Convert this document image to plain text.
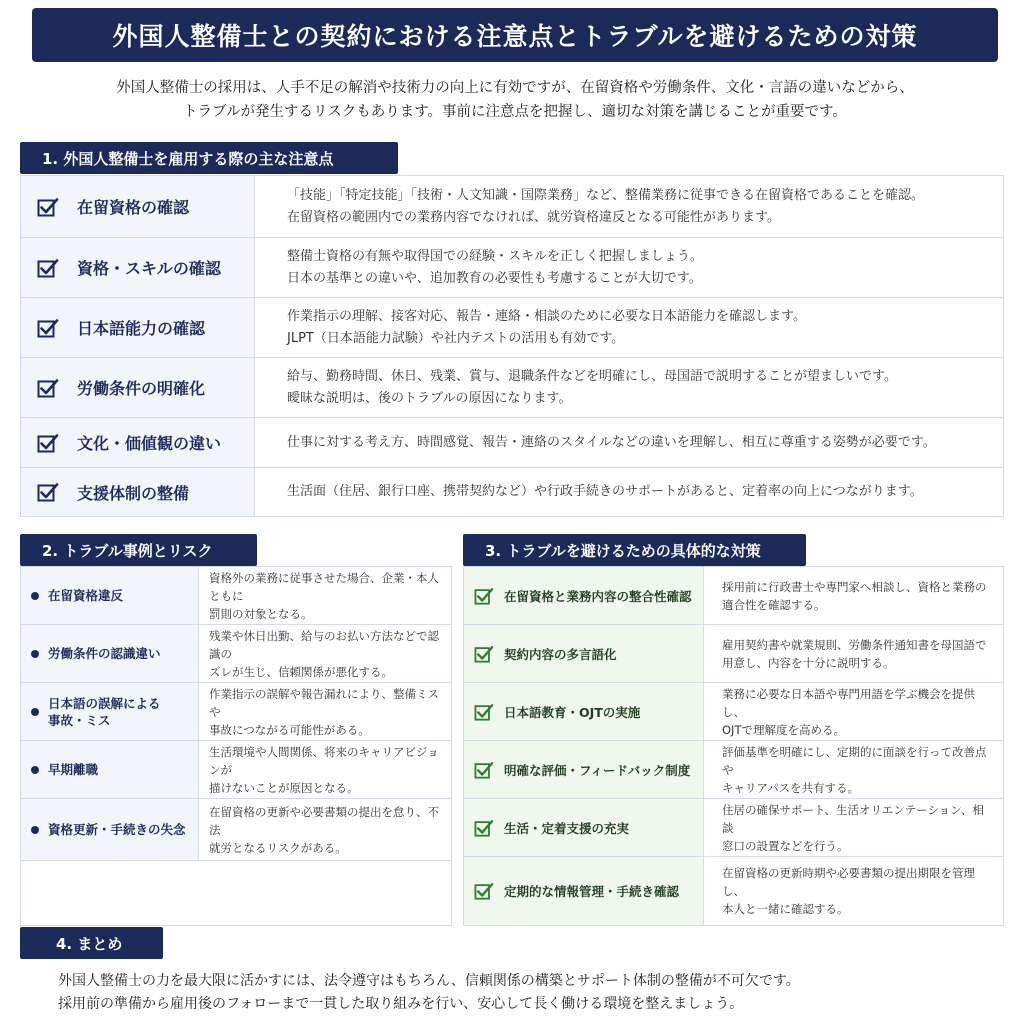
外国人整備士との契約における注意点とトラブルを避けるための対策
外国人整備士の採用は、人手不足の解消や技術力の向上に有効ですが、在留資格や労働条件、文化・言語の違いなどから、
トラブルが発生するリスクもあります。事前に注意点を把握し、適切な対策を講じることが重要です。
1. 外国人整備士を雇用する際の主な注意点
在留資格の確認
「技能」「特定技能」「技術・人文知識・国際業務」など、整備業務に従事できる在留資格であることを確認。
在留資格の範囲内での業務内容でなければ、就労資格違反となる可能性があります。
資格・スキルの確認
整備士資格の有無や取得国での経験・スキルを正しく把握しましょう。
日本の基準との違いや、追加教育の必要性も考慮することが大切です。
日本語能力の確認
作業指示の理解、接客対応、報告・連絡・相談のために必要な日本語能力を確認します。
JLPT（日本語能力試験）や社内テストの活用も有効です。
労働条件の明確化
給与、勤務時間、休日、残業、賞与、退職条件などを明確にし、母国語で説明することが望ましいです。
曖昧な説明は、後のトラブルの原因になります。
文化・価値観の違い	仕事に対する考え方、時間感覚、報告・連絡のスタイルなどの違いを理解し、相互に尊重する姿勢が必要です。
支援体制の整備	生活面（住居、銀行口座、携帯契約など）や行政手続きのサポートがあると、定着率の向上につながります。
2. トラブル事例とリスク
在留資格違反
資格外の業務に従事させた場合、企業・本人ともに
罰則の対象となる。
労働条件の認識違い
残業や休日出勤、給与のお払い方法などで認識の
ズレが生じ、信頼関係が悪化する。
日本語の誤解による
事故・ミス
作業指示の誤解や報告漏れにより、整備ミスや
事故につながる可能性がある。
早期離職
生活環境や人間関係、将来のキャリアビジョンが
描けないことが原因となる。
資格更新・手続きの失念
在留資格の更新や必要書類の提出を怠り、不法
就労となるリスクがある。
3. トラブルを避けるための具体的な対策
在留資格と業務内容の整合性確認
採用前に行政書士や専門家へ相談し、資格と業務の
適合性を確認する。
契約内容の多言語化
雇用契約書や就業規則、労働条件通知書を母国語で
用意し、内容を十分に説明する。
日本語教育・OJTの実施
業務に必要な日本語や専門用語を学ぶ機会を提供し、
OJTで理解度を高める。
明確な評価・フィードバック制度
評価基準を明確にし、定期的に面談を行って改善点や
キャリアパスを共有する。
生活・定着支援の充実
住居の確保サポート、生活オリエンテーション、相談
窓口の設置などを行う。
定期的な情報管理・手続き確認
在留資格の更新時期や必要書類の提出期限を管理し、
本人と一緒に確認する。
4. まとめ
外国人整備士の力を最大限に活かすには、法令遵守はもちろん、信頼関係の構築とサポート体制の整備が不可欠です。
採用前の準備から雇用後のフォローまで一貫した取り組みを行い、安心して長く働ける環境を整えましょう。
